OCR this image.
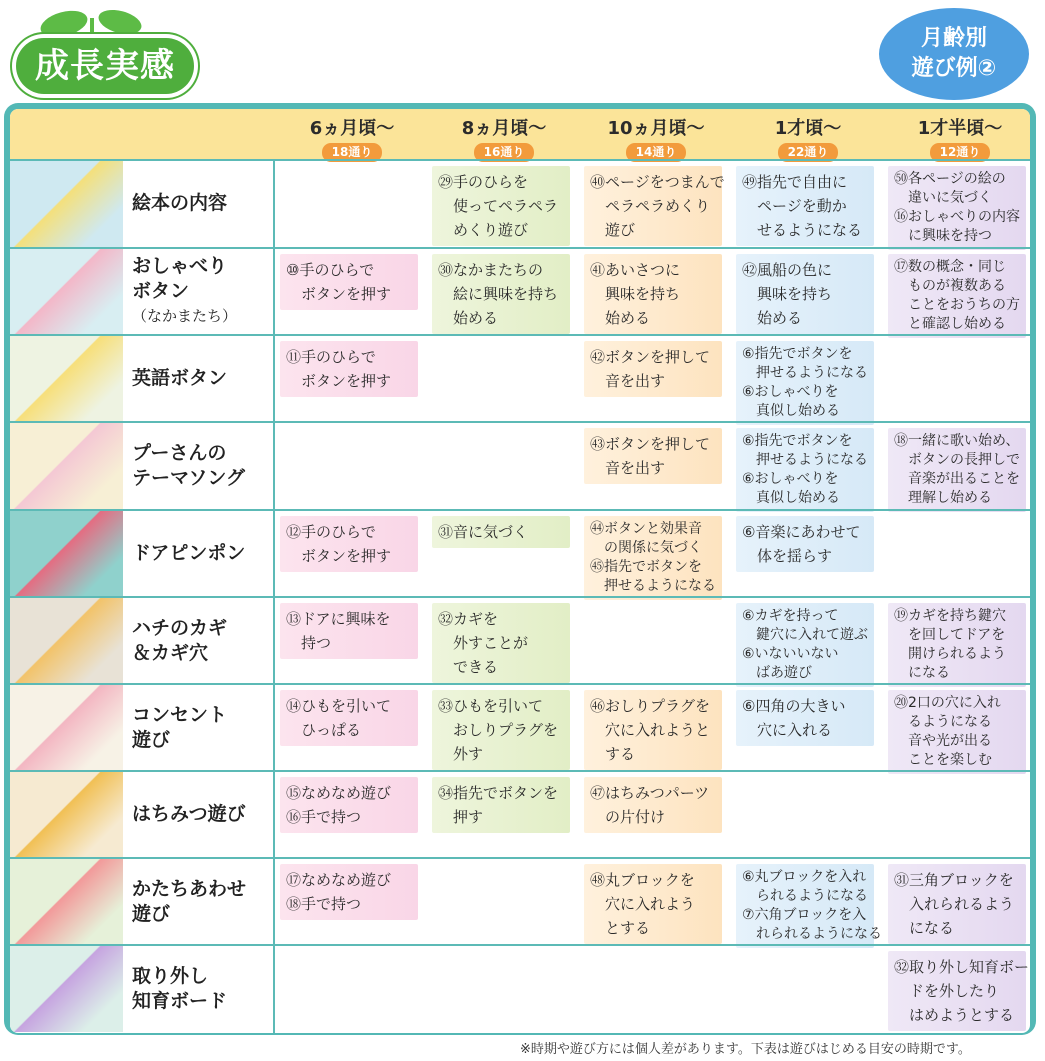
成長実感
月齢別
遊び例②
6ヵ月頃～
18通り
8ヵ月頃～
16通り
10ヵ月頃～
14通り
1才頃～
22通り
1才半頃～
12通り
絵本の内容
㉙手のひらを
　使ってペラペラ
　めくり遊び
㊵ページをつまんで
　ペラペラめくり
　遊び
㊾指先で自由に
　ページを動か
　せるようになる
㊿各ページの絵の
　違いに気づく
⑯おしゃべりの内容
　に興味を持つ
おしゃべり
ボタン
（なかまたち）
⑩手のひらで
　ボタンを押す
㉚なかまたちの
　絵に興味を持ち
　始める
㊶あいさつに
　興味を持ち
　始める
㊷風船の色に
　興味を持ち
　始める
⑰数の概念・同じ
　ものが複数ある
　ことをおうちの方
　と確認し始める
英語ボタン
⑪手のひらで
　ボタンを押す
㊷ボタンを押して
　音を出す
⑥指先でボタンを
　押せるようになる
⑥おしゃべりを
　真似し始める
プーさんの
テーマソング
㊸ボタンを押して
　音を出す
⑥指先でボタンを
　押せるようになる
⑥おしゃべりを
　真似し始める
⑱一緒に歌い始め、
　ボタンの長押しで
　音楽が出ることを
　理解し始める
ドアピンポン
⑫手のひらで
　ボタンを押す
㉛音に気づく	㊹ボタンと効果音
　の関係に気づく
㊺指先でボタンを
　押せるようになる
⑥音楽にあわせて
　体を揺らす
ハチのカギ
＆カギ穴
⑬ドアに興味を
　持つ
㉜カギを
　外すことが
　できる
⑥カギを持って
　鍵穴に入れて遊ぶ
⑥いないいない
　ばあ遊び
⑲カギを持ち鍵穴
　を回してドアを
　開けられるよう
　になる
コンセント
遊び
⑭ひもを引いて
　ひっぱる
㉝ひもを引いて
　おしりプラグを
　外す
㊻おしりプラグを
　穴に入れようと
　する
⑥四角の大きい
　穴に入れる
⑳2口の穴に入れ
　るようになる
　音や光が出る
　ことを楽しむ
はちみつ遊び
⑮なめなめ遊び
⑯手で持つ
㉞指先でボタンを
　押す
㊼はちみつパーツ
　の片付け
かたちあわせ
遊び
⑰なめなめ遊び
⑱手で持つ
㊽丸ブロックを
　穴に入れよう
　とする
⑥丸ブロックを入れ
　られるようになる
⑦六角ブロックを入
　れられるようになる
㉛三角ブロックを
　入れられるよう
　になる
取り外し
知育ボード
㉜取り外し知育ボー
　ドを外したり
　はめようとする
※時期や遊び方には個人差があります。下表は遊びはじめる目安の時期です。
